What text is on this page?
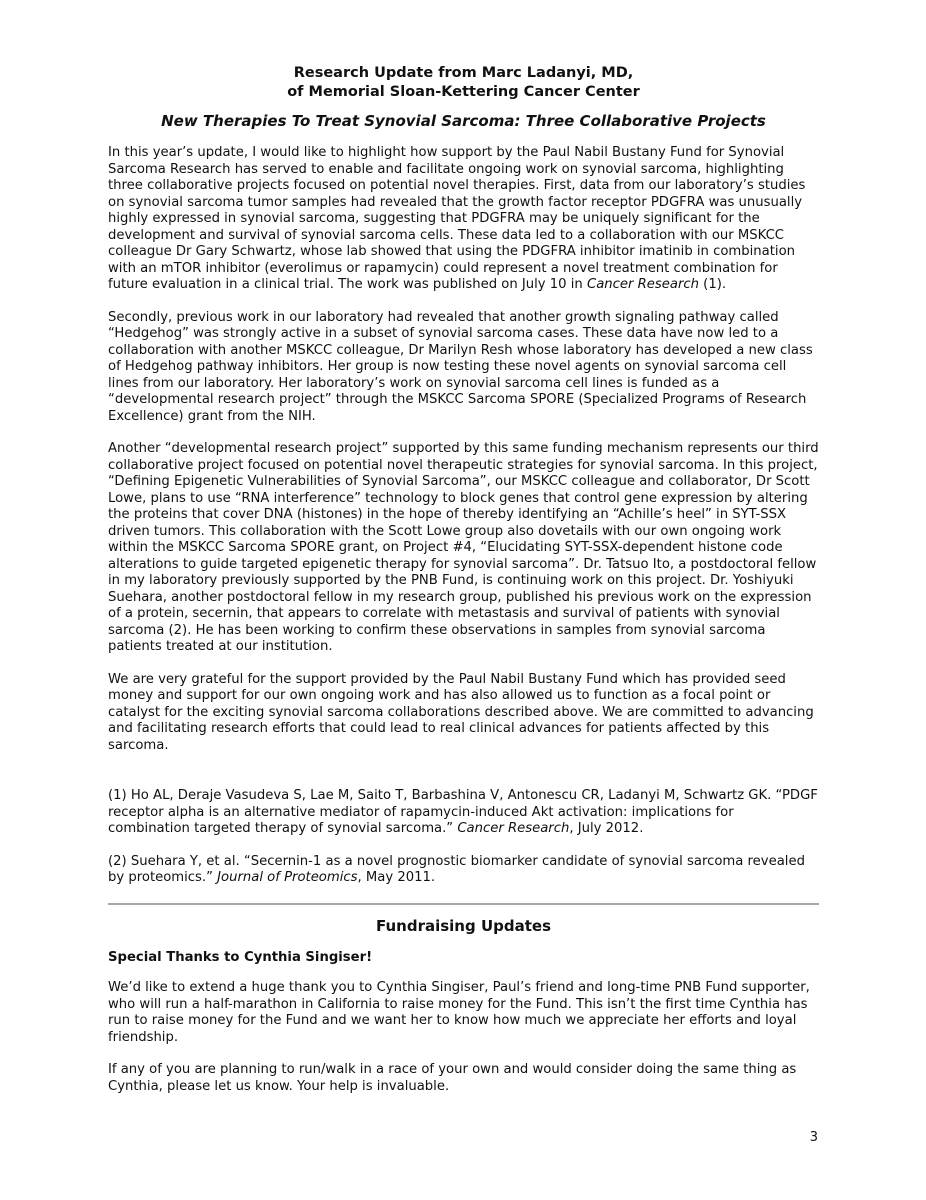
Research Update from Marc Ladanyi, MD,
of Memorial Sloan-Kettering Cancer Center
New Therapies To Treat Synovial Sarcoma: Three Collaborative Projects

In this year’s update, I would like to highlight how support by the Paul Nabil Bustany Fund for Synovial Sarcoma Research has served to enable and facilitate ongoing work on synovial sarcoma, highlighting three collaborative projects focused on potential novel therapies. First, data from our laboratory’s studies on synovial sarcoma tumor samples had revealed that the growth factor receptor PDGFRA was unusually highly expressed in synovial sarcoma, suggesting that PDGFRA may be uniquely significant for the development and survival of synovial sarcoma cells. These data led to a collaboration with our MSKCC colleague Dr Gary Schwartz, whose lab showed that using the PDGFRA inhibitor imatinib in combination with an mTOR inhibitor (everolimus or rapamycin) could represent a novel treatment combination for future evaluation in a clinical trial. The work was published on July 10 in Cancer Research (1).

Secondly, previous work in our laboratory had revealed that another growth signaling pathway called “Hedgehog” was strongly active in a subset of synovial sarcoma cases. These data have now led to a collaboration with another MSKCC colleague, Dr Marilyn Resh whose laboratory has developed a new class of Hedgehog pathway inhibitors. Her group is now testing these novel agents on synovial sarcoma cell lines from our laboratory. Her laboratory’s work on synovial sarcoma cell lines is funded as a “developmental research project” through the MSKCC Sarcoma SPORE (Specialized Programs of Research Excellence) grant from the NIH.

Another “developmental research project” supported by this same funding mechanism represents our third collaborative project focused on potential novel therapeutic strategies for synovial sarcoma. In this project, “Defining Epigenetic Vulnerabilities of Synovial Sarcoma”, our MSKCC colleague and collaborator, Dr Scott Lowe, plans to use “RNA interference” technology to block genes that control gene expression by altering the proteins that cover DNA (histones) in the hope of thereby identifying an “Achille’s heel” in SYT-SSX driven tumors. This collaboration with the Scott Lowe group also dovetails with our own ongoing work within the MSKCC Sarcoma SPORE grant, on Project #4, “Elucidating SYT-SSX-dependent histone code alterations to guide targeted epigenetic therapy for synovial sarcoma”. Dr. Tatsuo Ito, a postdoctoral fellow in my laboratory previously supported by the PNB Fund, is continuing work on this project. Dr. Yoshiyuki Suehara, another postdoctoral fellow in my research group, published his previous work on the expression of a protein, secernin, that appears to correlate with metastasis and survival of patients with synovial sarcoma (2). He has been working to confirm these observations in samples from synovial sarcoma patients treated at our institution.

We are very grateful for the support provided by the Paul Nabil Bustany Fund which has provided seed money and support for our own ongoing work and has also allowed us to function as a focal point or catalyst for the exciting synovial sarcoma collaborations described above. We are committed to advancing and facilitating research efforts that could lead to real clinical advances for patients affected by this sarcoma.

(1) Ho AL, Deraje Vasudeva S, Lae M, Saito T, Barbashina V, Antonescu CR, Ladanyi M, Schwartz GK. “PDGF receptor alpha is an alternative mediator of rapamycin-induced Akt activation: implications for combination targeted therapy of synovial sarcoma.” Cancer Research, July 2012.

(2) Suehara Y, et al. “Secernin-1 as a novel prognostic biomarker candidate of synovial sarcoma revealed by proteomics.” Journal of Proteomics, May 2011.

Fundraising Updates
Special Thanks to Cynthia Singiser!

We’d like to extend a huge thank you to Cynthia Singiser, Paul’s friend and long-time PNB Fund supporter, who will run a half-marathon in California to raise money for the Fund. This isn’t the first time Cynthia has run to raise money for the Fund and we want her to know how much we appreciate her efforts and loyal friendship.

If any of you are planning to run/walk in a race of your own and would consider doing the same thing as Cynthia, please let us know. Your help is invaluable.

3
